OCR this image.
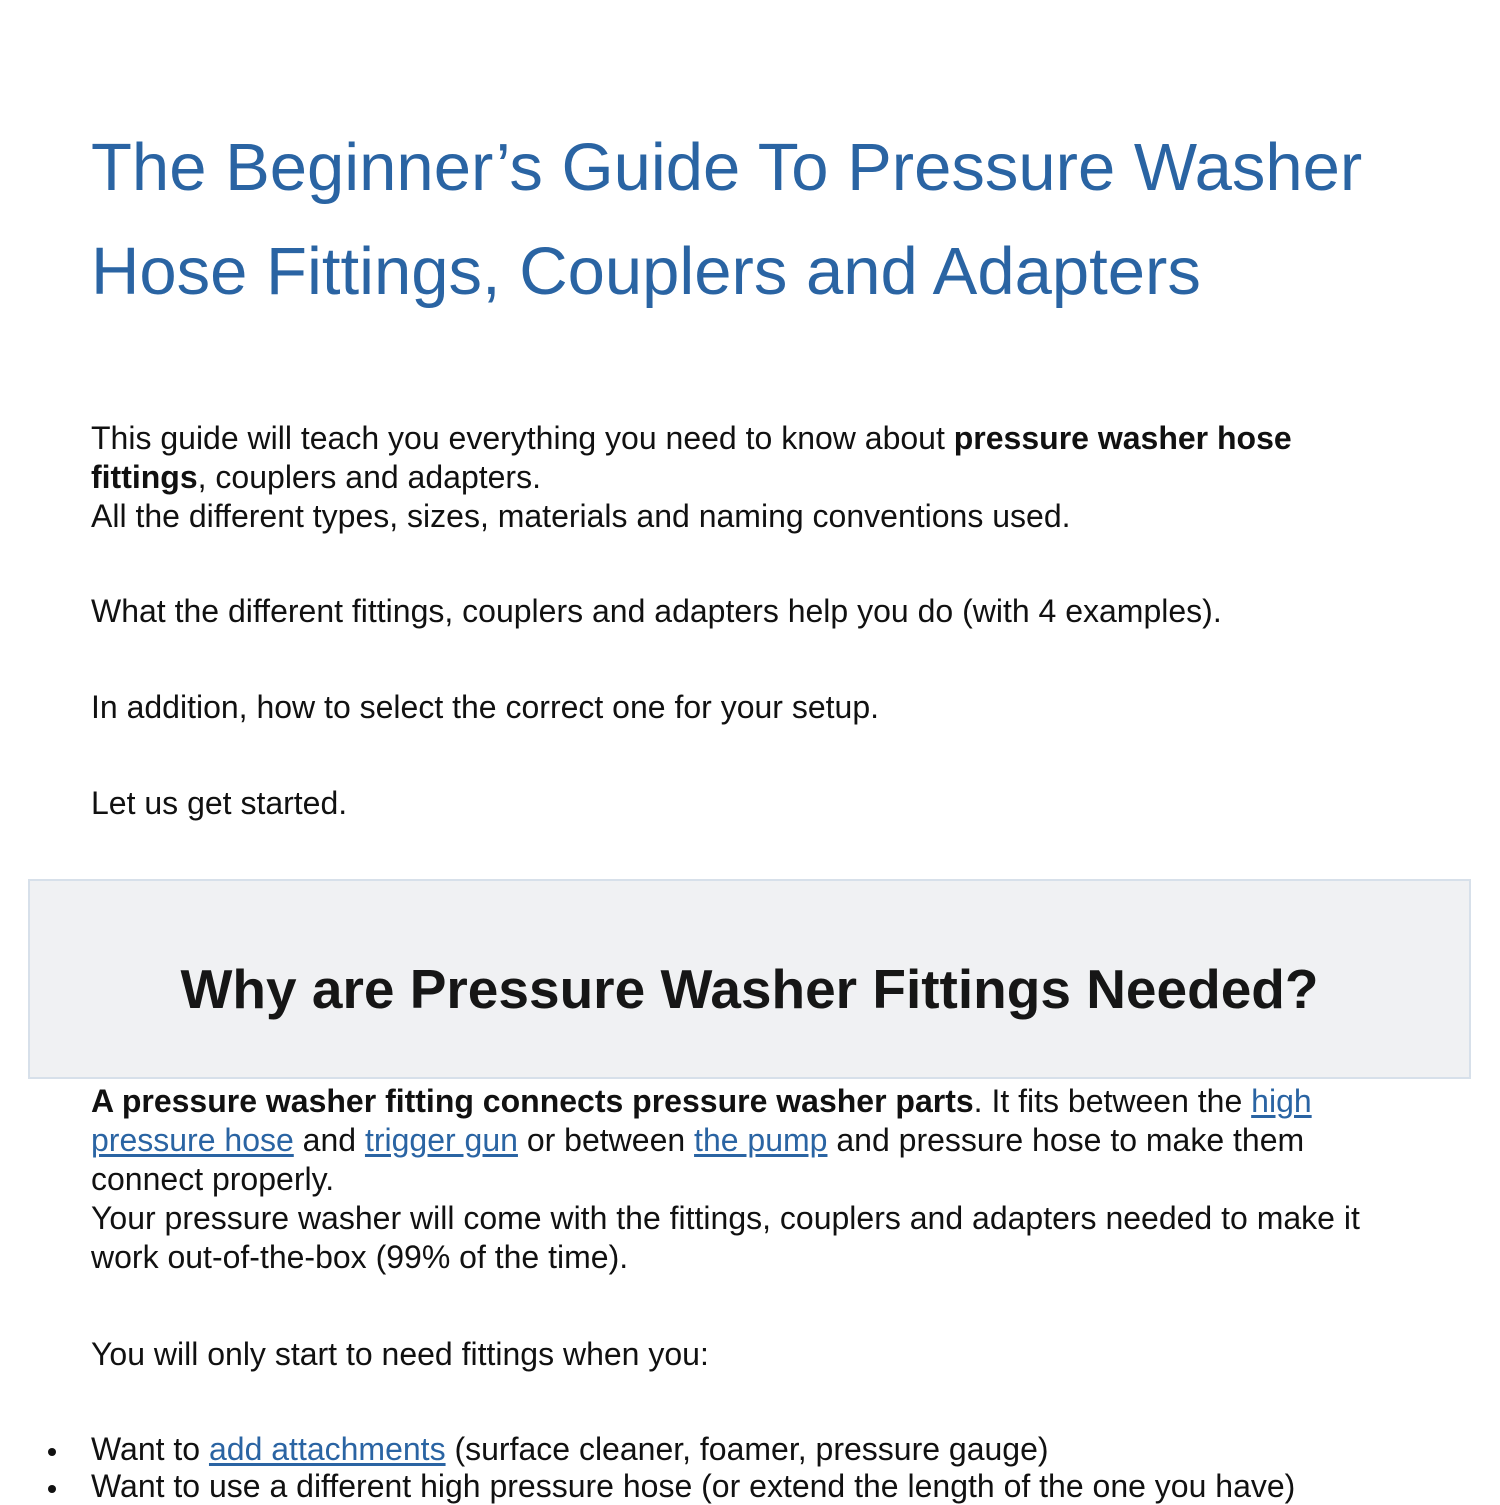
The Beginner’s Guide To Pressure Washer Hose Fittings, Couplers and Adapters
This guide will teach you everything you need to know about pressure washer hose fittings, couplers and adapters.
All the different types, sizes, materials and naming conventions used.
What the different fittings, couplers and adapters help you do (with 4 examples).
In addition, how to select the correct one for your setup.
Let us get started.
Why are Pressure Washer Fittings Needed?
A pressure washer fitting connects pressure washer parts. It fits between the high pressure hose and trigger gun or between the pump and pressure hose to make them connect properly.
Your pressure washer will come with the fittings, couplers and adapters needed to make it work out-of-the-box (99% of the time).
You will only start to need fittings when you:
Want to add attachments (surface cleaner, foamer, pressure gauge)
Want to use a different high pressure hose (or extend the length of the one you have)
